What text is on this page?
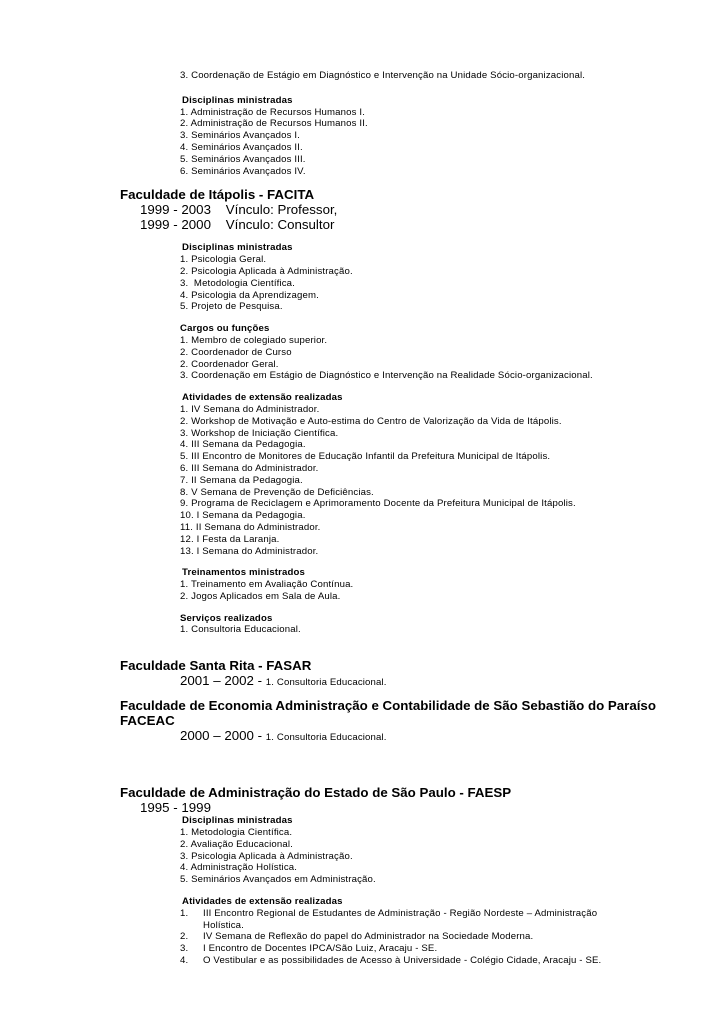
3. Coordenação de Estágio em Diagnóstico e Intervenção na Unidade Sócio-organizacional.
Disciplinas ministradas
1. Administração de Recursos Humanos I.
2. Administração de Recursos Humanos II.
3. Seminários Avançados I.
4. Seminários Avançados II.
5. Seminários Avançados III.
6. Seminários Avançados IV.
Faculdade de Itápolis - FACITA
1999 - 2003    Vínculo: Professor,
1999 - 2000    Vínculo: Consultor
Disciplinas ministradas
1. Psicologia Geral.
2. Psicologia Aplicada à Administração.
3.  Metodologia Científica.
4. Psicologia da Aprendizagem.
5. Projeto de Pesquisa.
Cargos ou funções
1. Membro de colegiado superior.
2. Coordenador de Curso
2. Coordenador Geral.
3. Coordenação em Estágio de Diagnóstico e Intervenção na Realidade Sócio-organizacional.
Atividades de extensão realizadas
1. IV Semana do Administrador.
2. Workshop de Motivação e Auto-estima do Centro de Valorização da Vida de Itápolis.
3. Workshop de Iniciação Científica.
4. III Semana da Pedagogia.
5. III Encontro de Monitores de Educação Infantil da Prefeitura Municipal de Itápolis.
6. III Semana do Administrador.
7. II Semana da Pedagogia.
8. V Semana de Prevenção de Deficiências.
9. Programa de Reciclagem e Aprimoramento Docente da Prefeitura Municipal de Itápolis.
10. I Semana da Pedagogia.
11. II Semana do Administrador.
12. I Festa da Laranja.
13. I Semana do Administrador.
Treinamentos ministrados
1. Treinamento em Avaliação Contínua.
2. Jogos Aplicados em Sala de Aula.
Serviços realizados
1. Consultoria Educacional.
Faculdade Santa Rita - FASAR
2001 – 2002 - 1. Consultoria Educacional.
Faculdade de Economia Administração e Contabilidade de São Sebastião do Paraíso
FACEAC
2000 – 2000 - 1. Consultoria Educacional.
Faculdade de Administração do Estado de São Paulo - FAESP
1995 - 1999
Disciplinas ministradas
1. Metodologia Científica.
2. Avaliação Educacional.
3. Psicologia Aplicada à Administração.
4. Administração Holística.
5. Seminários Avançados em Administração.
Atividades de extensão realizadas
1.	III Encontro Regional de Estudantes de Administração - Região Nordeste – Administração Holística.
2.	IV Semana de Reflexão do papel do Administrador na Sociedade Moderna.
3.	I Encontro de Docentes IPCA/São Luiz, Aracaju - SE.
4.	O Vestibular e as possibilidades de Acesso à Universidade - Colégio Cidade, Aracaju - SE.
